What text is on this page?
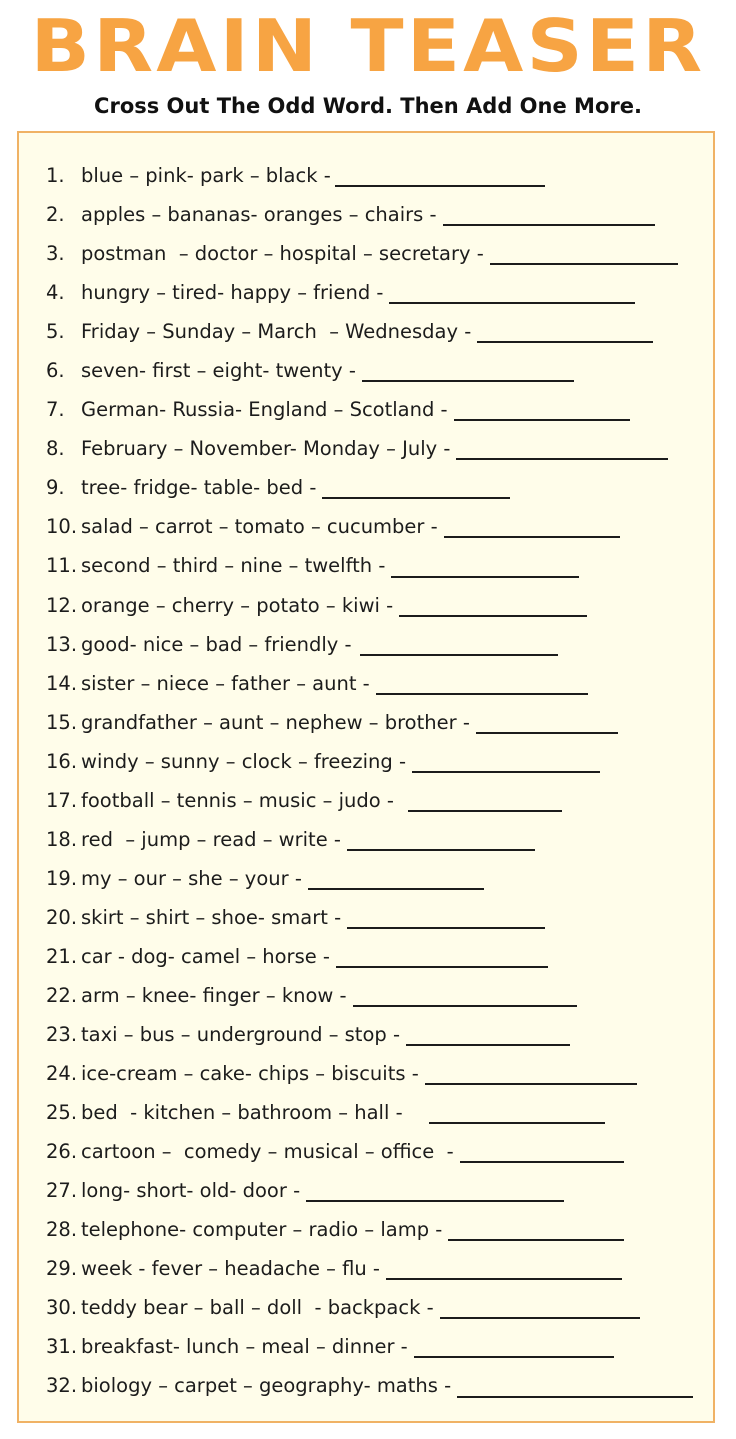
BRAIN TEASER
Cross Out The Odd Word. Then Add One More.
1. blue – pink- park – black -
2. apples – bananas- oranges – chairs -
3. postman  – doctor – hospital – secretary -
4. hungry – tired- happy – friend -
5. Friday – Sunday – March  – Wednesday -
6. seven- first – eight- twenty -
7. German- Russia- England – Scotland -
8. February – November- Monday – July -
9. tree- fridge- table- bed -
10. salad – carrot – tomato – cucumber -
11. second – third – nine – twelfth -
12. orange – cherry – potato – kiwi -
13. good- nice – bad – friendly -
14. sister – niece – father – aunt -
15. grandfather – aunt – nephew – brother -
16. windy – sunny – clock – freezing -
17. football – tennis – music – judo -
18. red  – jump – read – write -
19. my – our – she – your -
20. skirt – shirt – shoe- smart -
21. car - dog- camel – horse -
22. arm – knee- finger – know -
23. taxi – bus – underground – stop -
24. ice-cream – cake- chips – biscuits -
25. bed  - kitchen – bathroom – hall -
26. cartoon –  comedy – musical – office  -
27. long- short- old- door -
28. telephone- computer – radio – lamp -
29. week - fever – headache – flu -
30. teddy bear – ball – doll  - backpack -
31. breakfast- lunch – meal – dinner -
32. biology – carpet – geography- maths -
